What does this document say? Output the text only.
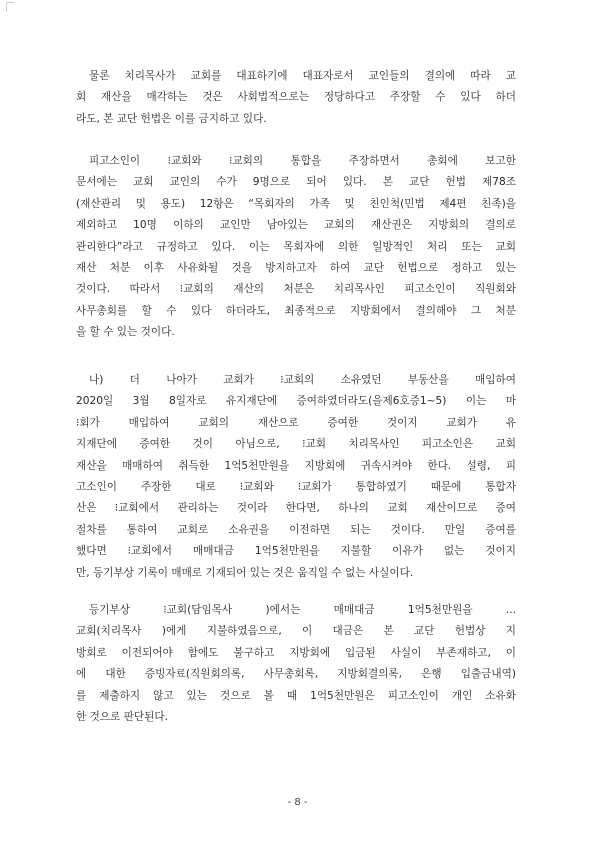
물론 치리목사가 교회를 대표하기에 대표자로서 교인들의 결의에 따라 교
회 재산을 매각하는 것은 사회법적으로는 정당하다고 주장할 수 있다 하더
라도, 본 교단 헌법은 이를 금지하고 있다.
피고소인이 ⁝교회와 ⁝교회의 통합을 주장하면서 총회에 보고한
문서에는 교회 교인의 수가 9명으로 되어 있다. 본 교단 헌법 제78조
(재산관리 및 용도) 12항은 “목회자의 가족 및 친인척(민법 제4편 친족)을
제외하고 10명 이하의 교인만 남아있는 교회의 재산권은 지방회의 결의로
관리한다”라고 규정하고 있다. 이는 목회자에 의한 일방적인 처리 또는 교회
재산 처분 이후 사유화될 것을 방지하고자 하여 교단 헌법으로 정하고 있는
것이다. 따라서 ⁝교회의 재산의 처분은 치리목사인 피고소인이 직원회와
사무총회를 할 수 있다 하더라도, 최종적으로 지방회에서 결의해야 그 처분
을 할 수 있는 것이다.
나) 더 나아가 교회가 ⁝교회의 소유였던 부동산을 매입하여
2020일 3월 8일자로 유지재단에 증여하였더라도(을제6호증1~5) 이는 마
⁝회가 매입하여 교회의 재산으로 증여한 것이지 교회가 유
지재단에 증여한 것이 아님으로, ⁝교회 치리목사인 피고소인은 교회
재산을 매매하여 취득한 1억5천만원을 지방회에 귀속시켜야 한다. 설령, 피
고소인이 주장한 대로 ⁝교회와 ⁝교회가 통합하였기 때문에 통합자
산은 ⁝교회에서 관리하는 것이라 한다면, 하나의 교회 재산이므로 증여
절차를 통하여 교회로 소유권을 이전하면 되는 것이다. 만일 증여를
했다면 ⁝교회에서 매매대금 1억5천만원을 지불할 이유가 없는 것이지
만, 등기부상 기록이 매매로 기재되어 있는 것은 움직일 수 없는 사실이다.
등기부상 ⁝교회(담임목사 )에서는 매매대금 1억5천만원을 ...
교회(치리목사 )에게 지불하였음으로, 이 대금은 본 교단 헌법상 지
방회로 이전되어야 함에도 불구하고 지방회에 입금된 사실이 부존재하고, 이
에 대한 증빙자료(직원회의록, 사무총회록, 지방회결의록, 은행 입출금내역)
를 제출하지 않고 있는 것으로 볼 때 1억5천만원은 피고소인이 개인 소유화
한 것으로 판단된다.
- 8 -
